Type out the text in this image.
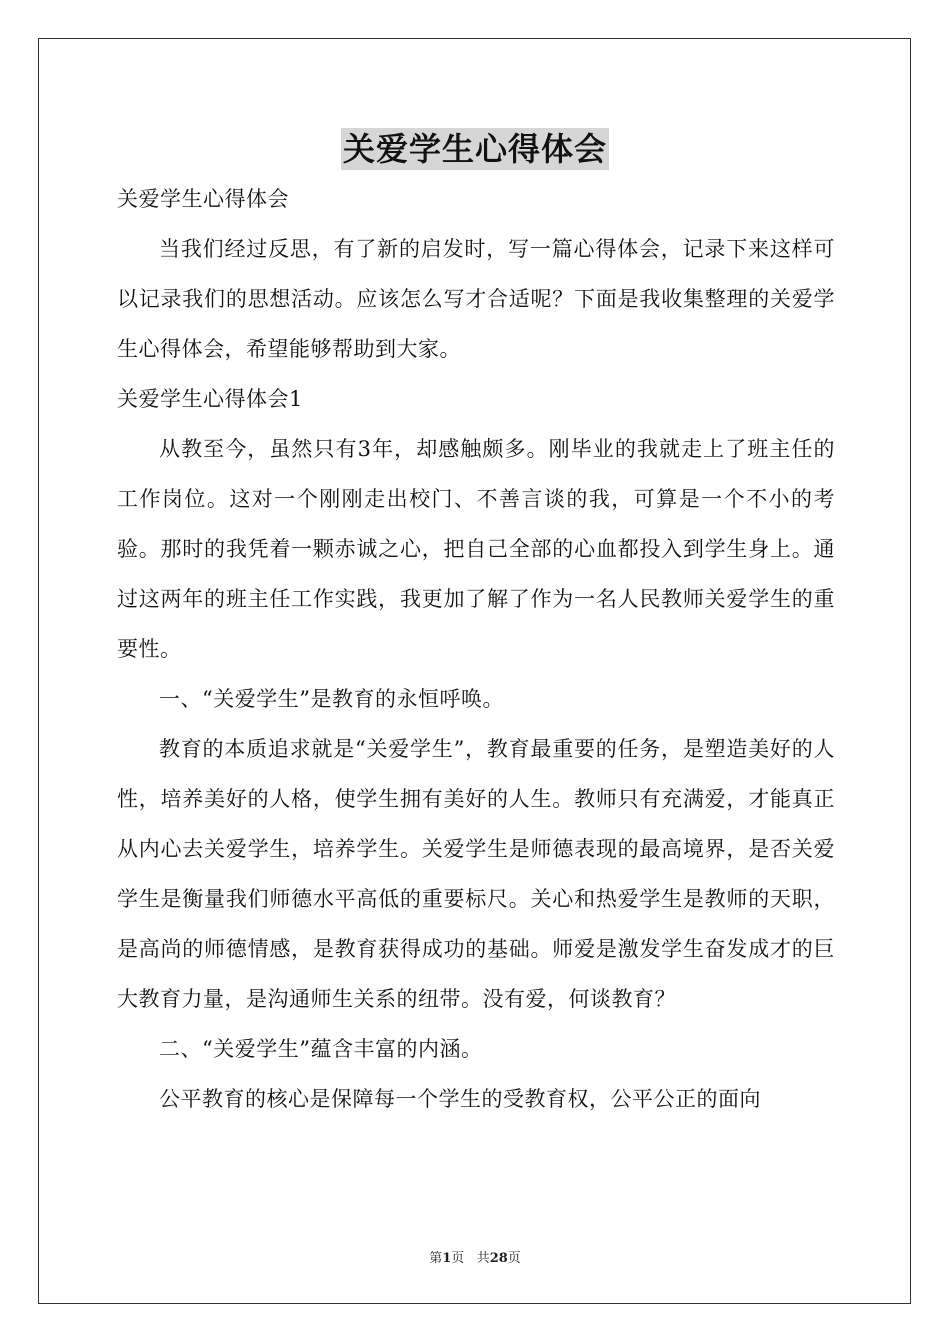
关爱学生心得体会

关爱学生心得体会

当我们经过反思，有了新的启发时，写一篇心得体会，记录下来这样可以记录我们的思想活动。应该怎么写才合适呢？下面是我收集整理的关爱学生心得体会，希望能够帮助到大家。

关爱学生心得体会1

从教至今，虽然只有3年，却感触颇多。刚毕业的我就走上了班主任的工作岗位。这对一个刚刚走出校门、不善言谈的我，可算是一个不小的考验。那时的我凭着一颗赤诚之心，把自己全部的心血都投入到学生身上。通过这两年的班主任工作实践，我更加了解了作为一名人民教师关爱学生的重要性。

一、“关爱学生”是教育的永恒呼唤。

教育的本质追求就是“关爱学生”，教育最重要的任务，是塑造美好的人性，培养美好的人格，使学生拥有美好的人生。教师只有充满爱，才能真正从内心去关爱学生，培养学生。关爱学生是师德表现的最高境界，是否关爱学生是衡量我们师德水平高低的重要标尺。关心和热爱学生是教师的天职，是高尚的师德情感，是教育获得成功的基础。师爱是激发学生奋发成才的巨大教育力量，是沟通师生关系的纽带。没有爱，何谈教育？

二、“关爱学生”蕴含丰富的内涵。

公平教育的核心是保障每一个学生的受教育权，公平公正的面向

第1页 共28页
